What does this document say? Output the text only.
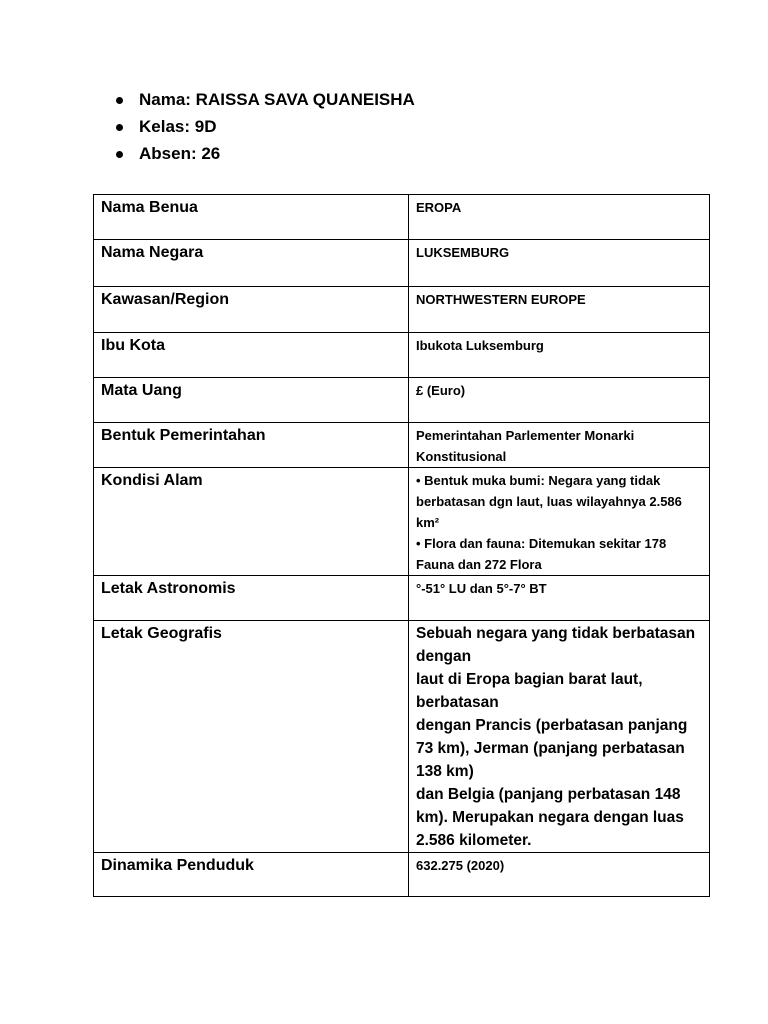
Nama: RAISSA SAVA QUANEISHA
Kelas: 9D
Absen: 26
Nama Benua	EROPA
Nama Negara	LUKSEMBURG
Kawasan/Region	NORTHWESTERN EUROPE
Ibu Kota	Ibukota Luksemburg
Mata Uang	£ (Euro)
Bentuk Pemerintahan	Pemerintahan Parlementer Monarki Konstitusional
Kondisi Alam	• Bentuk muka bumi: Negara yang tidak berbatasan dgn laut, luas wilayahnya 2.586 km²
• Flora dan fauna: Ditemukan sekitar 178 Fauna dan 272 Flora

Letak Astronomis	°-51° LU dan 5°-7° BT
Letak Geografis	Sebuah negara yang tidak berbatasan dengan
laut di Eropa bagian barat laut, berbatasan
dengan Prancis (perbatasan panjang 73 km), Jerman (panjang perbatasan 138 km)
dan Belgia (panjang perbatasan 148 km). Merupakan negara dengan luas 2.586 kilometer.

Dinamika Penduduk	632.275 (2020)
